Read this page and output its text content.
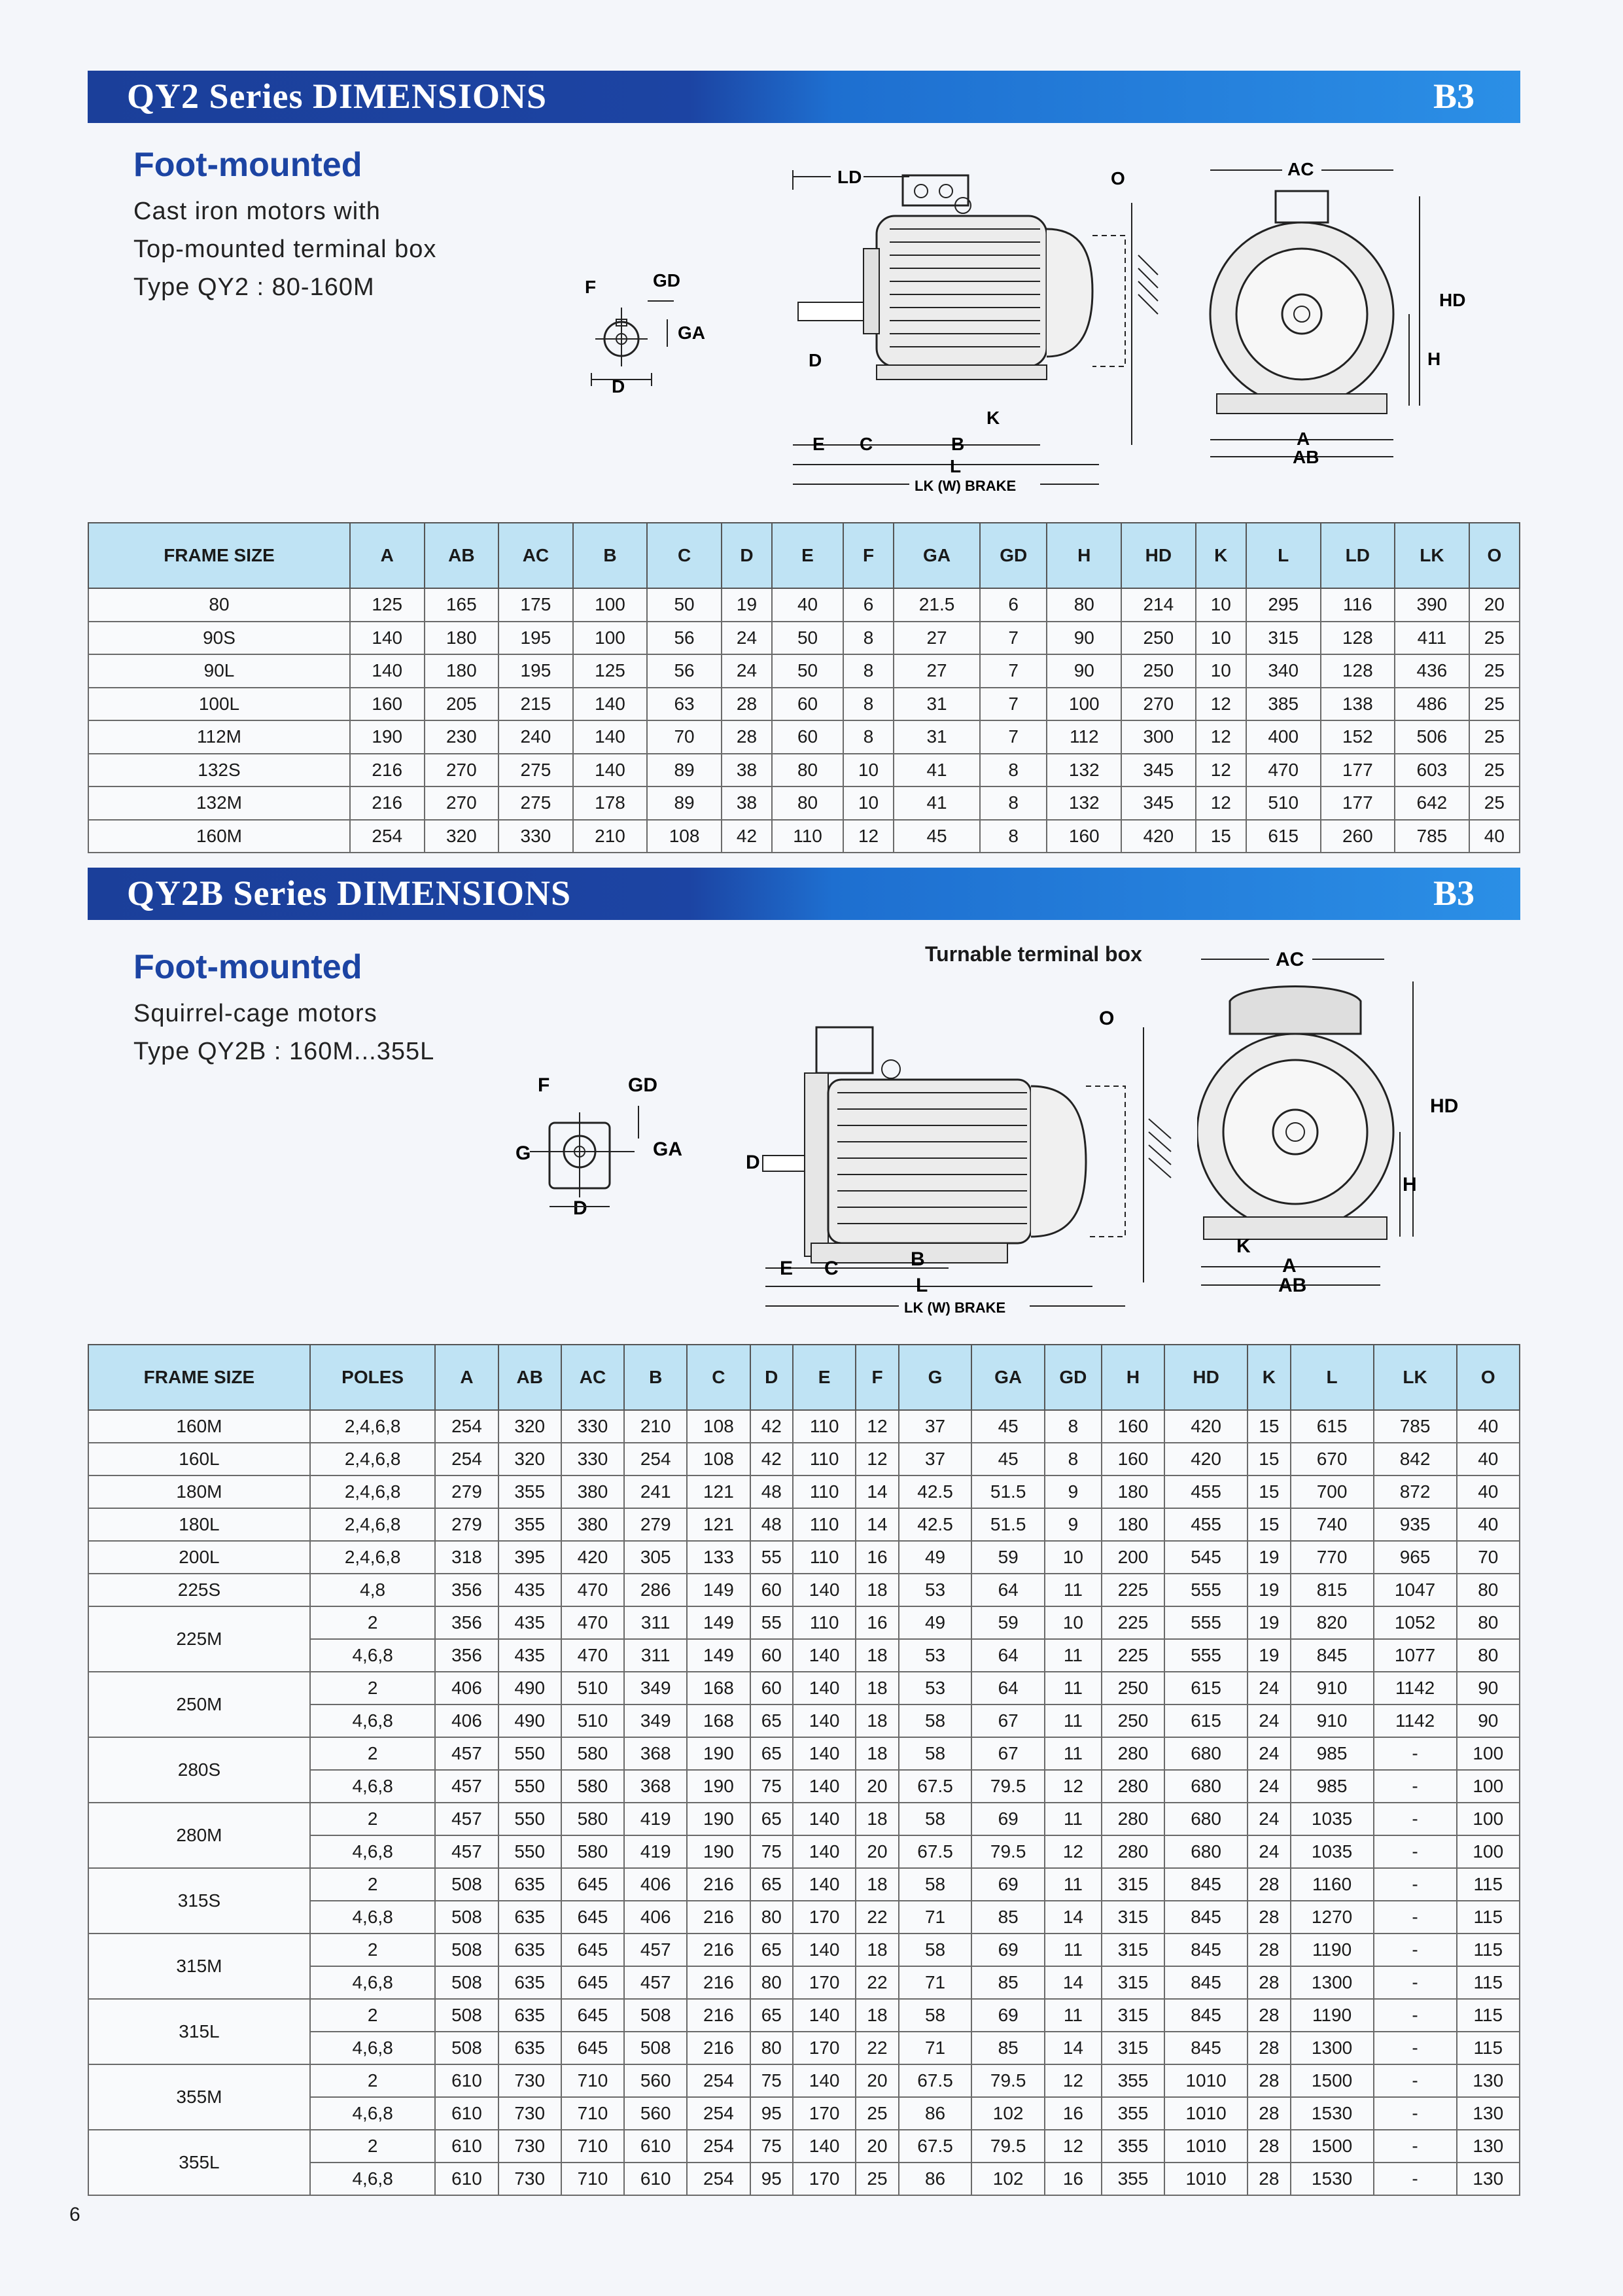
QY2 Series DIMENSIONS	B3
Foot-mounted
Cast iron motors with
Top-mounted terminal box
Type QY2 : 80-160M	F	GD
GA
D
LD	O
D
K
E C	B
L
LK (W) BRAKE
AC
HD
H
A
AB
FRAME SIZE	A	AB	AC	B	C	D	E	F	GA	GD	H	HD	K	L	LD	LK	O
80	125	165	175	100	50	19	40	6	21.5	6	80	214	10	295	116	390	20
90S	140	180	195	100	56	24	50	8	27	7	90	250	10	315	128	411	25
90L	140	180	195	125	56	24	50	8	27	7	90	250	10	340	128	436	25
100L	160	205	215	140	63	28	60	8	31	7	100	270	12	385	138	486	25
112M	190	230	240	140	70	28	60	8	31	7	112	300	12	400	152	506	25
132S	216	270	275	140	89	38	80	10	41	8	132	345	12	470	177	603	25
132M	216	270	275	178	89	38	80	10	41	8	132	345	12	510	177	642	25
160M	254	320	330	210	108	42	110	12	45	8	160	420	15	615	260	785	40
QY2B Series DIMENSIONS	B3
Foot-mounted
Squirrel-cage motors
Type QY2B : 160M...355L
Turnable terminal box
F	GD
G	GA
D
O
D
E C	B
L
LK (W) BRAKE
AC
HD
H
K
A
AB
FRAME SIZE	POLES	A	AB	AC	B	C	D	E	F	G	GA	GD	H	HD	K	L	LK	O
160M	2,4,6,8	254	320	330	210	108	42	110	12	37	45	8	160	420	15	615	785	40
160L	2,4,6,8	254	320	330	254	108	42	110	12	37	45	8	160	420	15	670	842	40
180M	2,4,6,8	279	355	380	241	121	48	110	14	42.5	51.5	9	180	455	15	700	872	40
180L	2,4,6,8	279	355	380	279	121	48	110	14	42.5	51.5	9	180	455	15	740	935	40
200L	2,4,6,8	318	395	420	305	133	55	110	16	49	59	10	200	545	19	770	965	70
225S	4,8	356	435	470	286	149	60	140	18	53	64	11	225	555	19	815	1047	80
225M	2	356	435	470	311	149	55	110	16	49	59	10	225	555	19	820	1052	80
	4,6,8	356	435	470	311	149	60	140	18	53	64	11	225	555	19	845	1077	80
250M	2	406	490	510	349	168	60	140	18	53	64	11	250	615	24	910	1142	90
	4,6,8	406	490	510	349	168	65	140	18	58	67	11	250	615	24	910	1142	90
280S	2	457	550	580	368	190	65	140	18	58	67	11	280	680	24	985	-	100
	4,6,8	457	550	580	368	190	75	140	20	67.5	79.5	12	280	680	24	985	-	100
280M	2	457	550	580	419	190	65	140	18	58	69	11	280	680	24	1035	-	100
	4,6,8	457	550	580	419	190	75	140	20	67.5	79.5	12	280	680	24	1035	-	100
315S	2	508	635	645	406	216	65	140	18	58	69	11	315	845	28	1160	-	115
	4,6,8	508	635	645	406	216	80	170	22	71	85	14	315	845	28	1270	-	115
315M	2	508	635	645	457	216	65	140	18	58	69	11	315	845	28	1190	-	115
	4,6,8	508	635	645	457	216	80	170	22	71	85	14	315	845	28	1300	-	115
315L	2	508	635	645	508	216	65	140	18	58	69	11	315	845	28	1190	-	115
	4,6,8	508	635	645	508	216	80	170	22	71	85	14	315	845	28	1300	-	115
355M	2	610	730	710	560	254	75	140	20	67.5	79.5	12	355	1010	28	1500	-	130
	4,6,8	610	730	710	560	254	95	170	25	86	102	16	355	1010	28	1530	-	130
355L	2	610	730	710	610	254	75	140	20	67.5	79.5	12	355	1010	28	1500	-	130
	4,6,8	610	730	710	610	254	95	170	25	86	102	16	355	1010	28	1530	-	130
6
